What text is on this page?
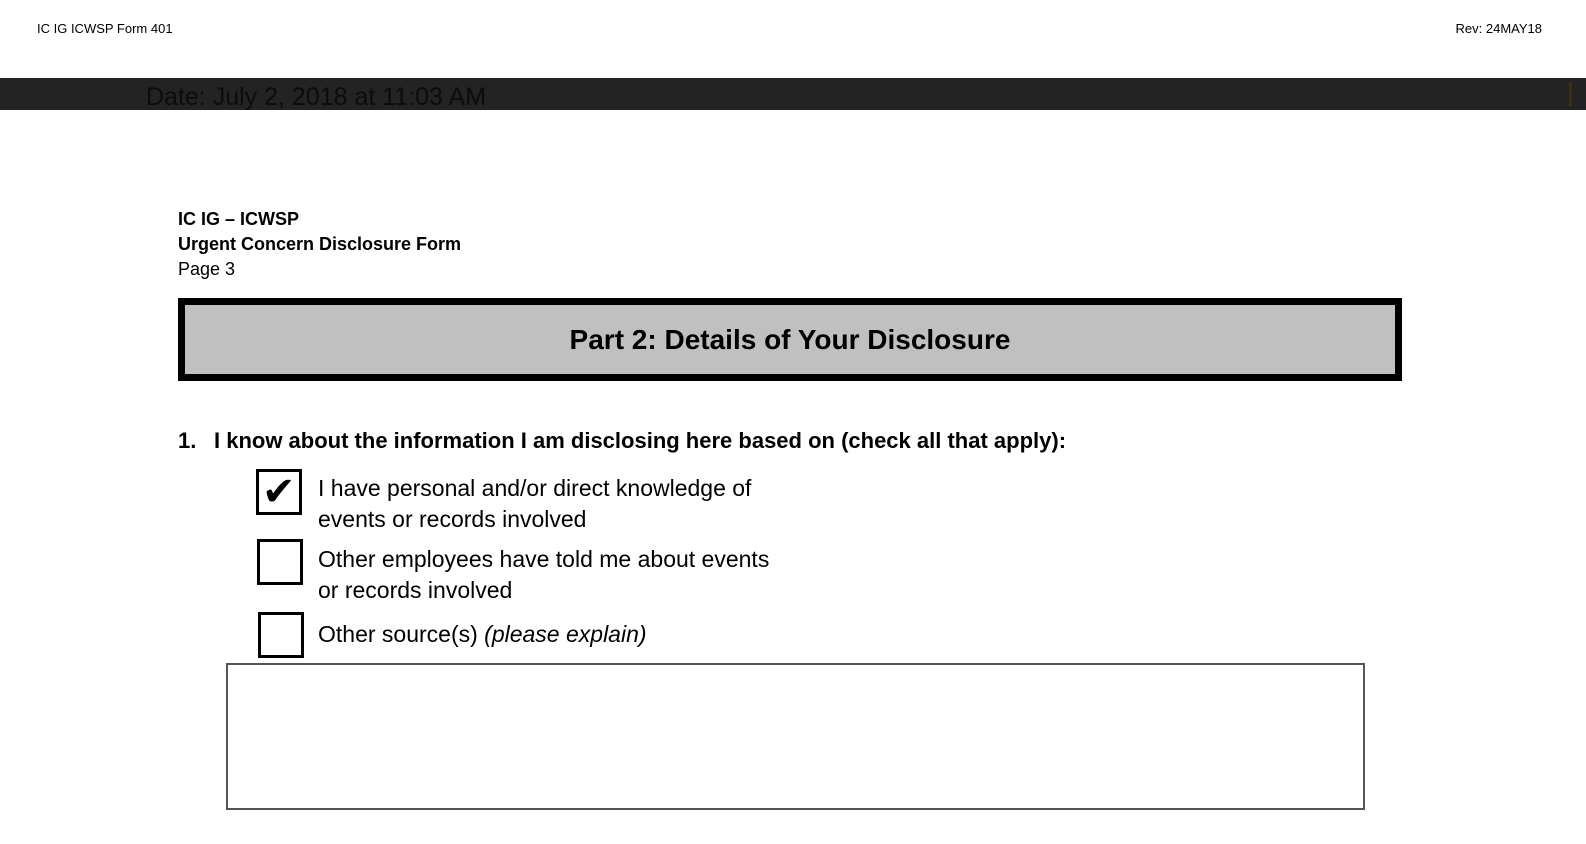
IC IG ICWSP Form 401	Rev: 24MAY18
Date: July 2, 2018 at 11:03 AM
IC IG – ICWSP
Urgent Concern Disclosure Form
Page 3
Part 2: Details of Your Disclosure
1. I know about the information I am disclosing here based on (check all that apply):
✔ I have personal and/or direct knowledge of
events or records involved
Other employees have told me about events
or records involved
Other source(s) (please explain)
